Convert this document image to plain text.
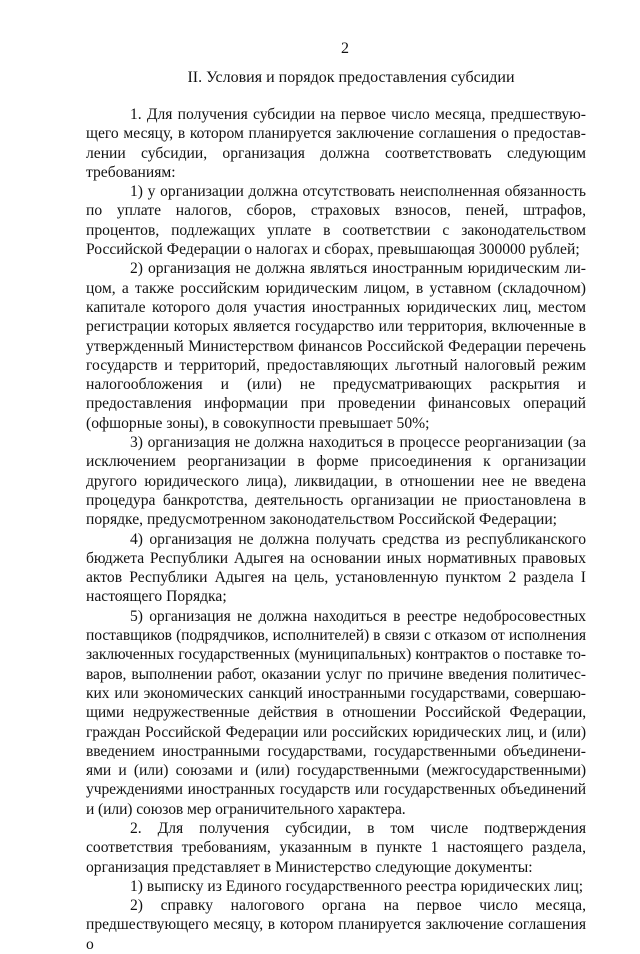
2
II. Условия и порядок предоставления субсидии

1. Для получения субсидии на первое число месяца, предшествующего месяцу, в котором планируется заключение соглашения о предоставлении субсидии, организация должна соответствовать следующим требованиям:

1) у организации должна отсутствовать неисполненная обязанность по уплате налогов, сборов, страховых взносов, пеней, штрафов, процентов, подлежащих уплате в соответствии с законодательством Российской Федерации о налогах и сборах, превышающая 300000 рублей;

2) организация не должна являться иностранным юридическим лицом, а также российским юридическим лицом, в уставном (складочном) капитале которого доля участия иностранных юридических лиц, местом регистрации которых является государство или территория, включенные в утвержденный Министерством финансов Российской Федерации перечень государств и территорий, предоставляющих льготный налоговый режим налогообложения и (или) не предусматривающих раскрытия и предоставления информации при проведении финансовых операций (офшорные зоны), в совокупности превышает 50%;

3) организация не должна находиться в процессе реорганизации (за исключением реорганизации в форме присоединения к организации другого юридического лица), ликвидации, в отношении нее не введена процедура банкротства, деятельность организации не приостановлена в порядке, предусмотренном законодательством Российской Федерации;

4) организация не должна получать средства из республиканского бюджета Республики Адыгея на основании иных нормативных правовых актов Республики Адыгея на цель, установленную пунктом 2 раздела I настоящего Порядка;

5) организация не должна находиться в реестре недобросовестных поставщиков (подрядчиков, исполнителей) в связи с отказом от исполнения заключенных государственных (муниципальных) контрактов о поставке товаров, выполнении работ, оказании услуг по причине введения политических или экономических санкций иностранными государствами, совершающими недружественные действия в отношении Российской Федерации, граждан Российской Федерации или российских юридических лиц, и (или) введением иностранными государствами, государственными объединениями и (или) союзами и (или) государственными (межгосударственными) учреждениями иностранных государств или государственных объединений и (или) союзов мер ограничительного характера.

2. Для получения субсидии, в том числе подтверждения соответствия требованиям, указанным в пункте 1 настоящего раздела, организация представляет в Министерство следующие документы:

1) выписку из Единого государственного реестра юридических лиц;

2) справку налогового органа на первое число месяца, предшествующего месяцу, в котором планируется заключение соглашения о
